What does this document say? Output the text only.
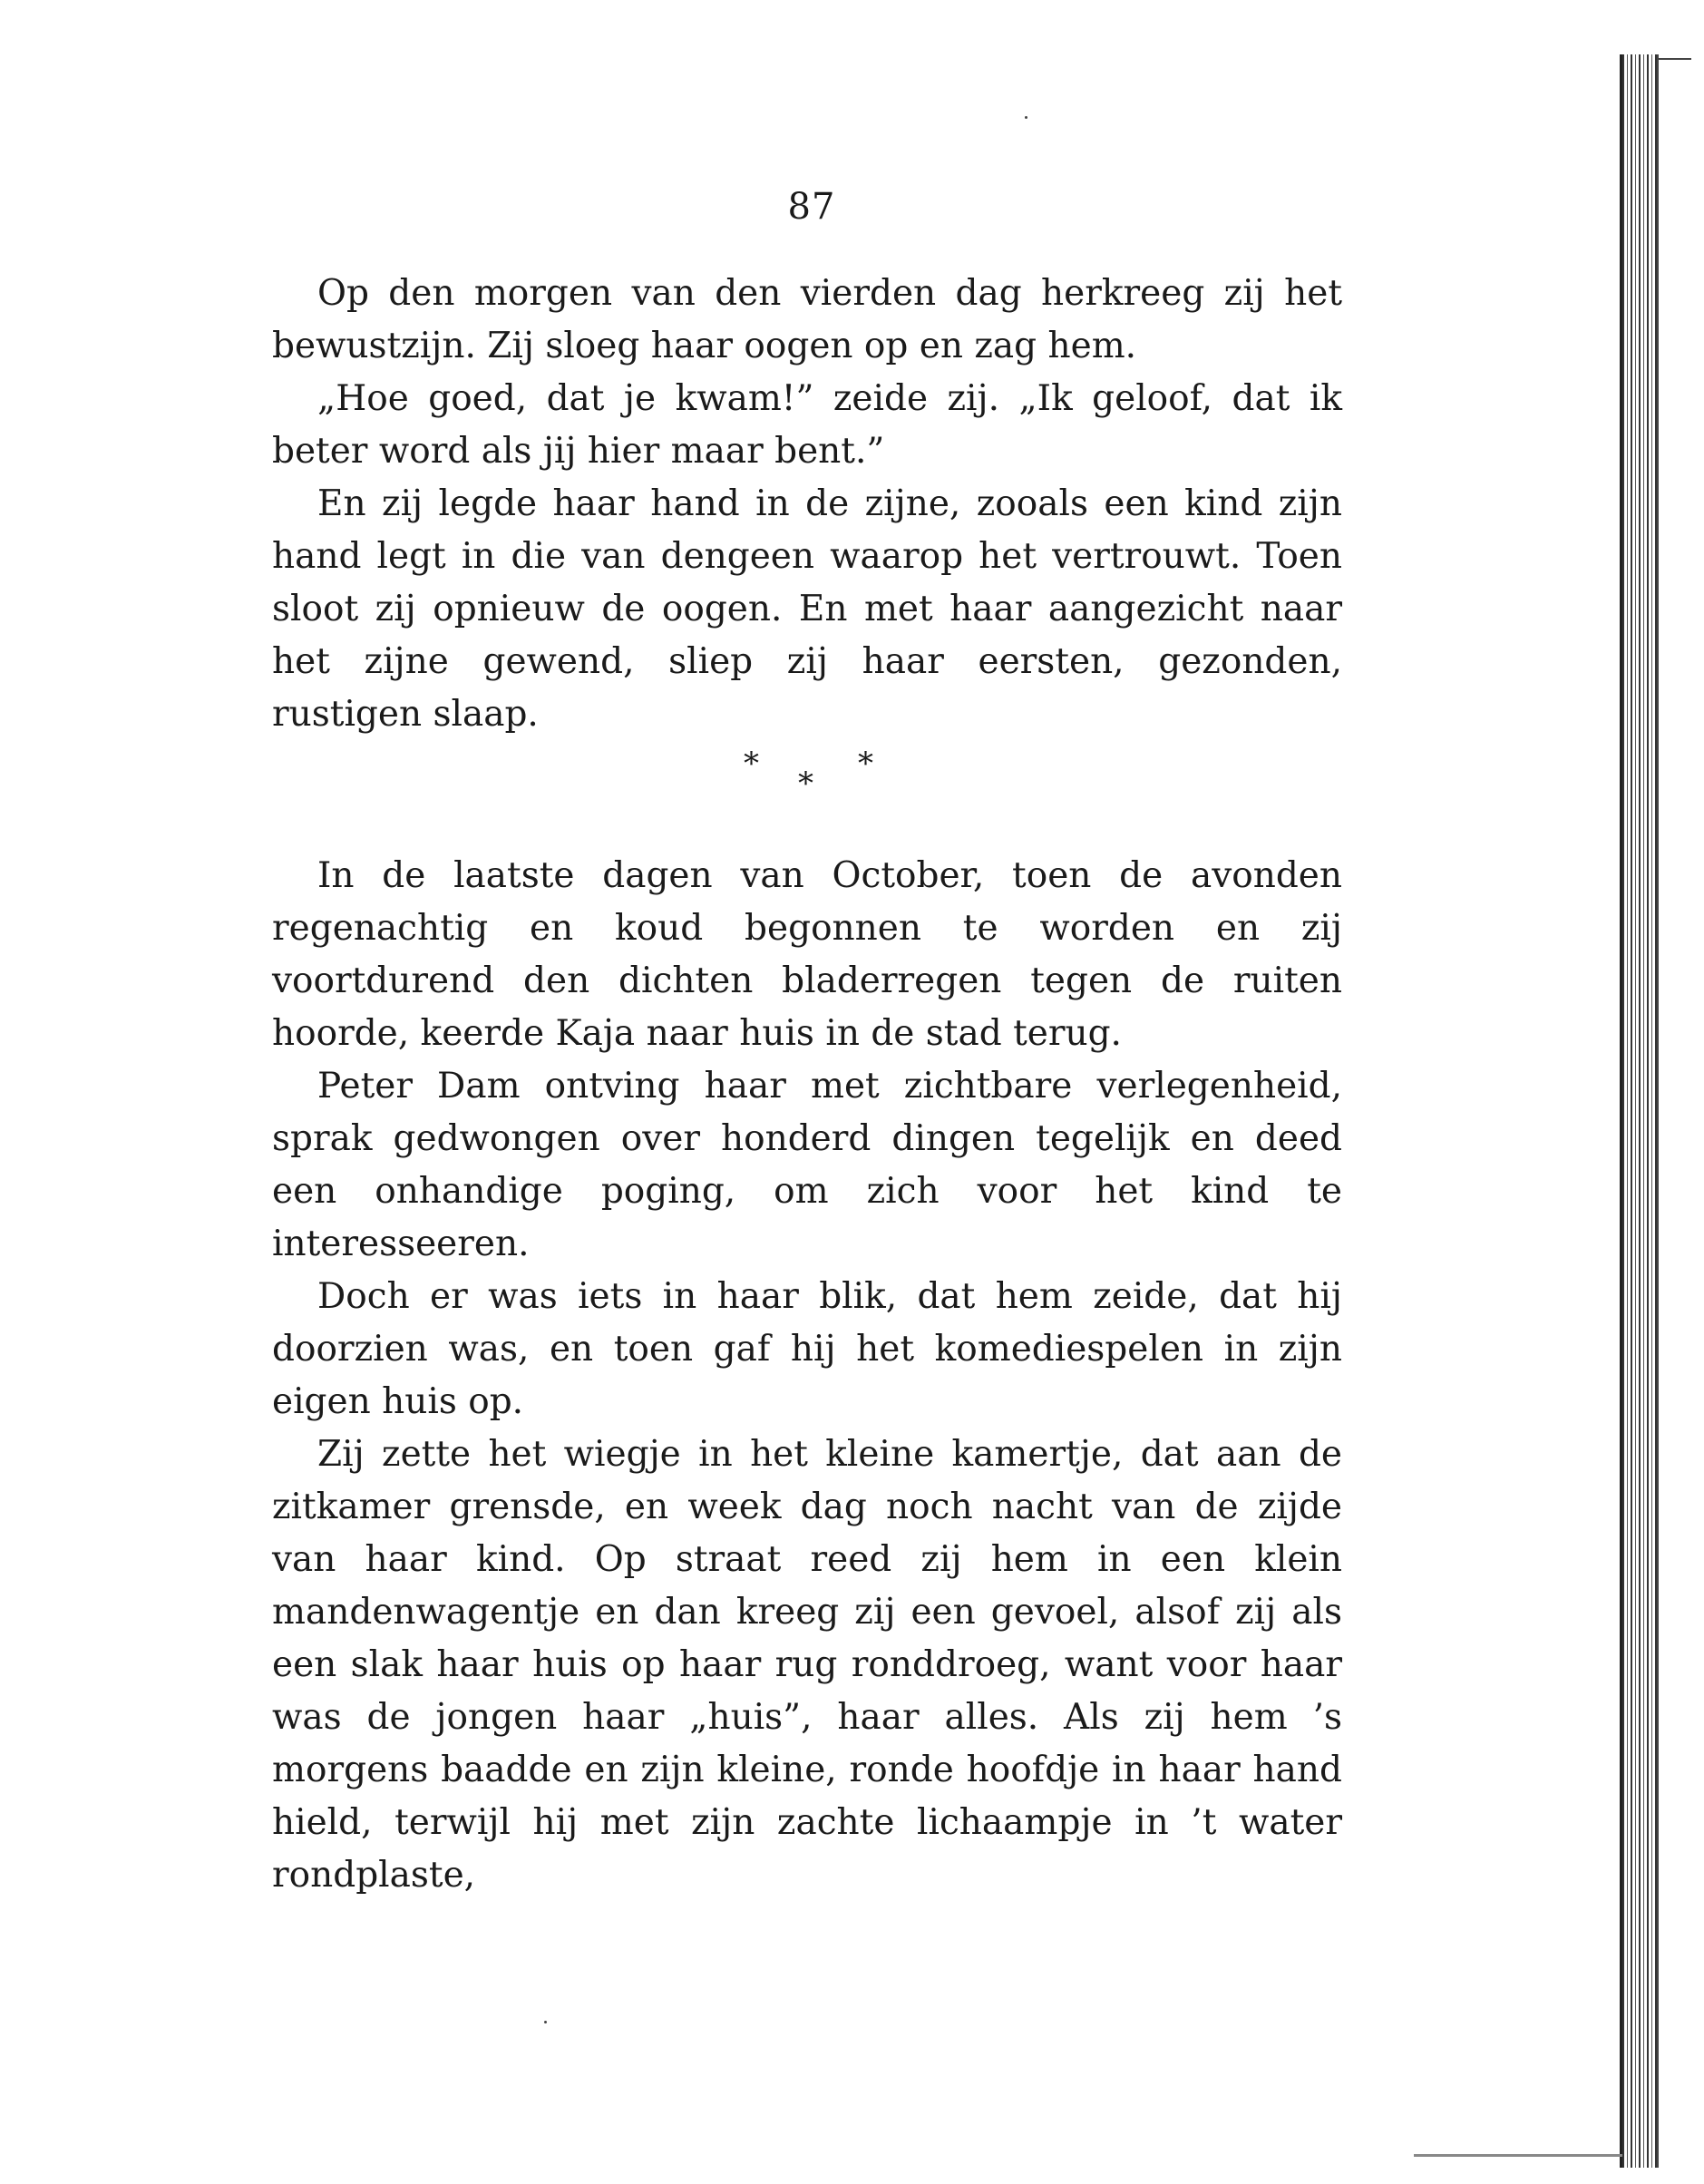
87

Op den morgen van den vierden dag herkreeg zij het bewustzijn. Zij sloeg haar oogen op en zag hem.

„Hoe goed, dat je kwam!” zeide zij. „Ik geloof, dat ik beter word als jij hier maar bent.”

En zij legde haar hand in de zijne, zooals een kind zijn hand legt in die van dengeen waarop het vertrouwt. Toen sloot zij opnieuw de oogen. En met haar aangezicht naar het zijne gewend, sliep zij haar eersten, gezonden, rustigen slaap.

*
*
*

In de laatste dagen van October, toen de avonden regenachtig en koud begonnen te worden en zij voortdurend den dichten bladerregen tegen de ruiten hoorde, keerde Kaja naar huis in de stad terug.

Peter Dam ontving haar met zichtbare verlegenheid, sprak gedwongen over honderd dingen tegelijk en deed een onhandige poging, om zich voor het kind te interesseeren.

Doch er was iets in haar blik, dat hem zeide, dat hij doorzien was, en toen gaf hij het komediespelen in zijn eigen huis op.

Zij zette het wiegje in het kleine kamertje, dat aan de zitkamer grensde, en week dag noch nacht van de zijde van haar kind. Op straat reed zij hem in een klein mandenwagentje en dan kreeg zij een gevoel, alsof zij als een slak haar huis op haar rug ronddroeg, want voor haar was de jongen haar „huis”, haar alles. Als zij hem ’s morgens baadde en zijn kleine, ronde hoofdje in haar hand hield, terwijl hij met zijn zachte lichaampje in ’t water rondplaste,
